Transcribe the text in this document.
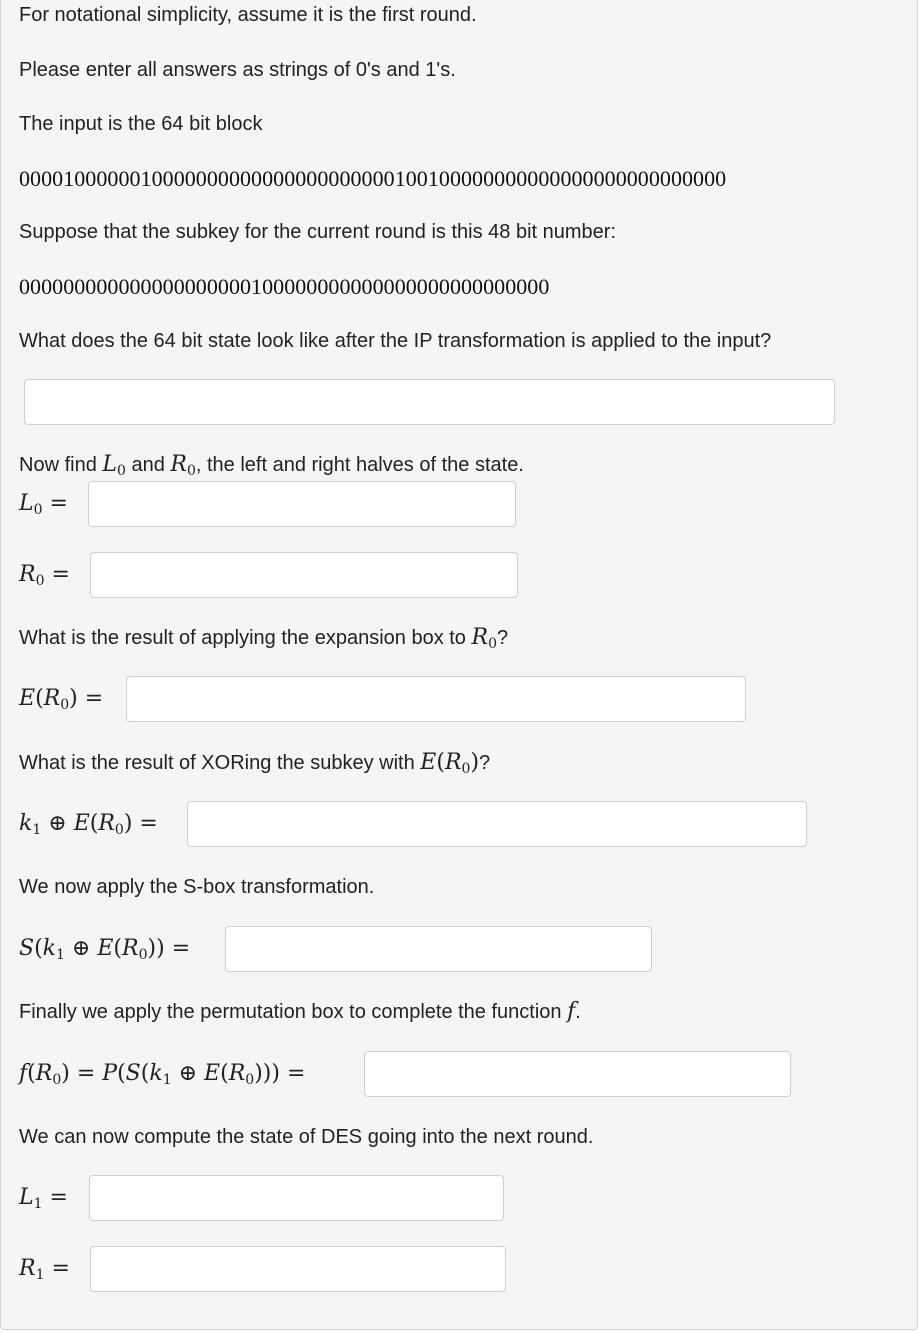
For notational simplicity, assume it is the first round.
Please enter all answers as strings of 0's and 1's.
The input is the 64 bit block
0000100000010000000000000000000000100100000000000000000000000000
Suppose that the subkey for the current round is this 48 bit number:
000000000000000000000100000000000000000000000000
What does the 64 bit state look like after the IP transformation is applied to the input?
Now find $L_0$ and $R_0$, the left and right halves of the state.
L0 =
R0 =
What is the result of applying the expansion box to $R_0$?
E(R0) =
What is the result of XORing the subkey with $E(R_0)$?
k1 ⊕ E(R0) =
We now apply the S-box transformation.
S(k1 ⊕ E(R0)) =
Finally we apply the permutation box to complete the function f.
f(R0) = P(S(k1 ⊕ E(R0))) =
We can now compute the state of DES going into the next round.
L1 =
R1 =
